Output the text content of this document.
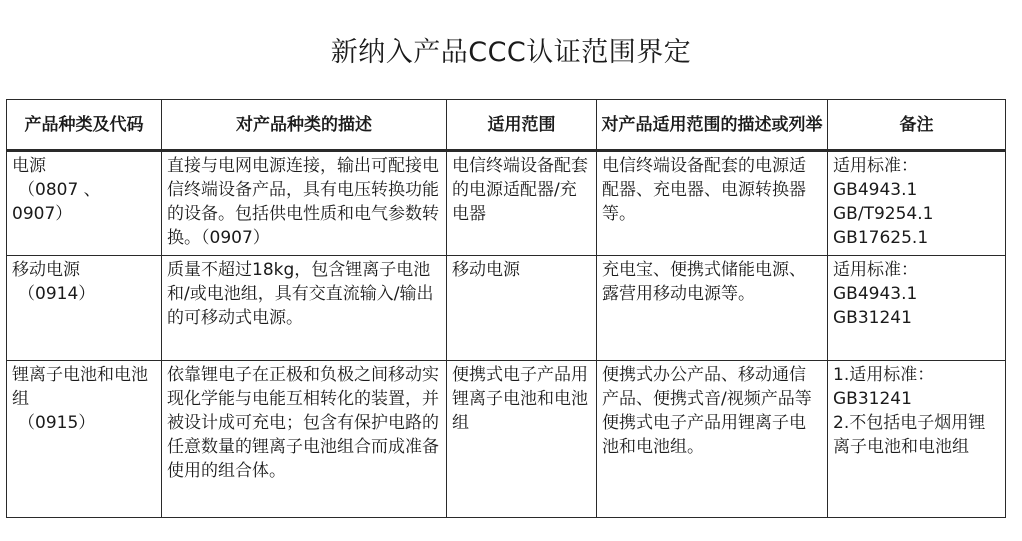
新纳入产品CCC认证范围界定
产品种类及代码	对产品种类的描述	适用范围	对产品适用范围的描述或列举	备注
电源
（0807 、
0907）	直接与电网电源连接，输出可配接电信终端设备产品，具有电压转换功能的设备。包括供电性质和电气参数转换。（0907）	电信终端设备配套的电源适配器/充电器	电信终端设备配套的电源适配器、充电器、电源转换器等。	适用标准：
GB4943.1
GB/T9254.1
GB17625.1

移动电源
（0914）	质量不超过18kg，包含锂离子电池和/或电池组，具有交直流输入/输出的可移动式电源。	移动电源	充电宝、便携式储能电源、露营用移动电源等。	适用标准：
GB4943.1
GB31241

锂离子电池和电池组
（0915）	依靠锂电子在正极和负极之间移动实现化学能与电能互相转化的装置，并被设计成可充电；包含有保护电路的任意数量的锂离子电池组合而成准备使用的组合体。	便携式电子产品用锂离子电池和电池组	便携式办公产品、移动通信产品、便携式音/视频产品等便携式电子产品用锂离子电池和电池组。	1.适用标准：
GB31241
2.不包括电子烟用锂离子电池和电池组
